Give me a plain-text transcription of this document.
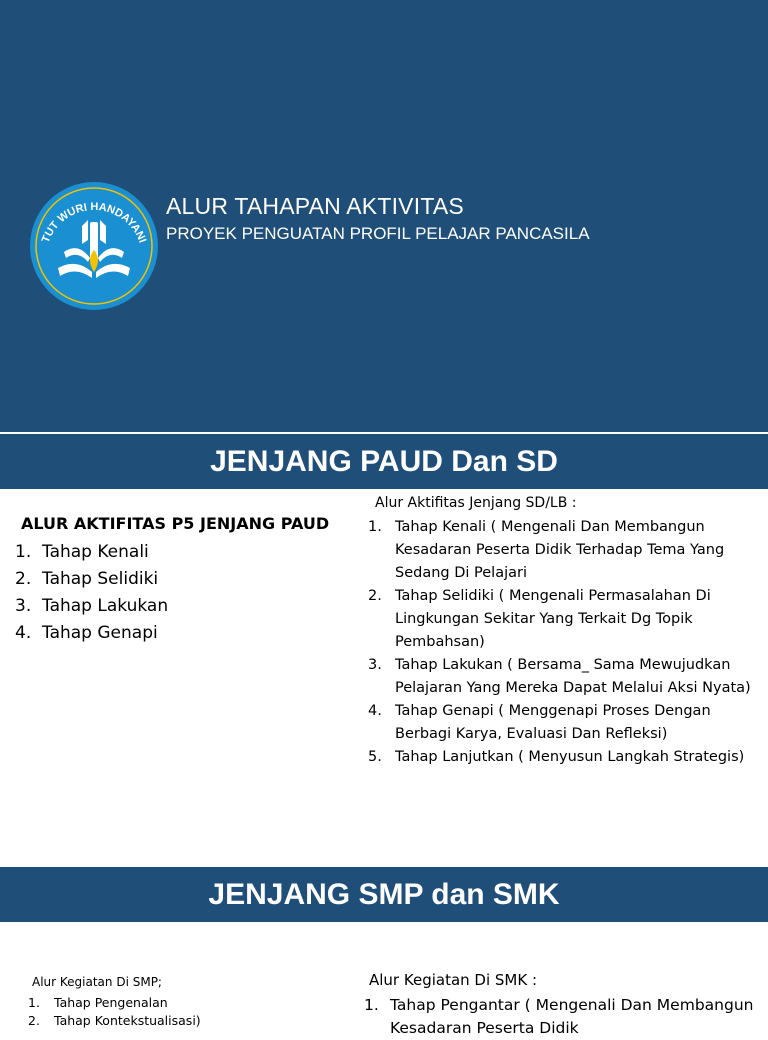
TUT WURI HANDAYANI
ALUR TAHAPAN AKTIVITAS
PROYEK PENGUATAN PROFIL PELAJAR PANCASILA
JENJANG PAUD Dan SD
ALUR AKTIFITAS P5 JENJANG PAUD
1. Tahap Kenali
2. Tahap Selidiki
3. Tahap Lakukan
4. Tahap Genapi
Alur Aktifitas Jenjang SD/LB :
1. Tahap Kenali ( Mengenali Dan Membangun Kesadaran Peserta Didik Terhadap Tema Yang Sedang Di Pelajari
2. Tahap Selidiki ( Mengenali Permasalahan Di Lingkungan Sekitar Yang Terkait Dg Topik Pembahsan)
3. Tahap Lakukan ( Bersama_ Sama Mewujudkan Pelajaran Yang Mereka Dapat Melalui Aksi Nyata)
4. Tahap Genapi ( Menggenapi Proses Dengan Berbagi Karya, Evaluasi Dan Refleksi)
5. Tahap Lanjutkan ( Menyusun Langkah Strategis)
JENJANG SMP dan SMK
Alur Kegiatan Di SMP;
1.	Tahap Pengenalan
2.	Tahap Kontekstualisasi)
Alur Kegiatan Di SMK :
1. Tahap Pengantar ( Mengenali Dan Membangun Kesadaran Peserta Didik
